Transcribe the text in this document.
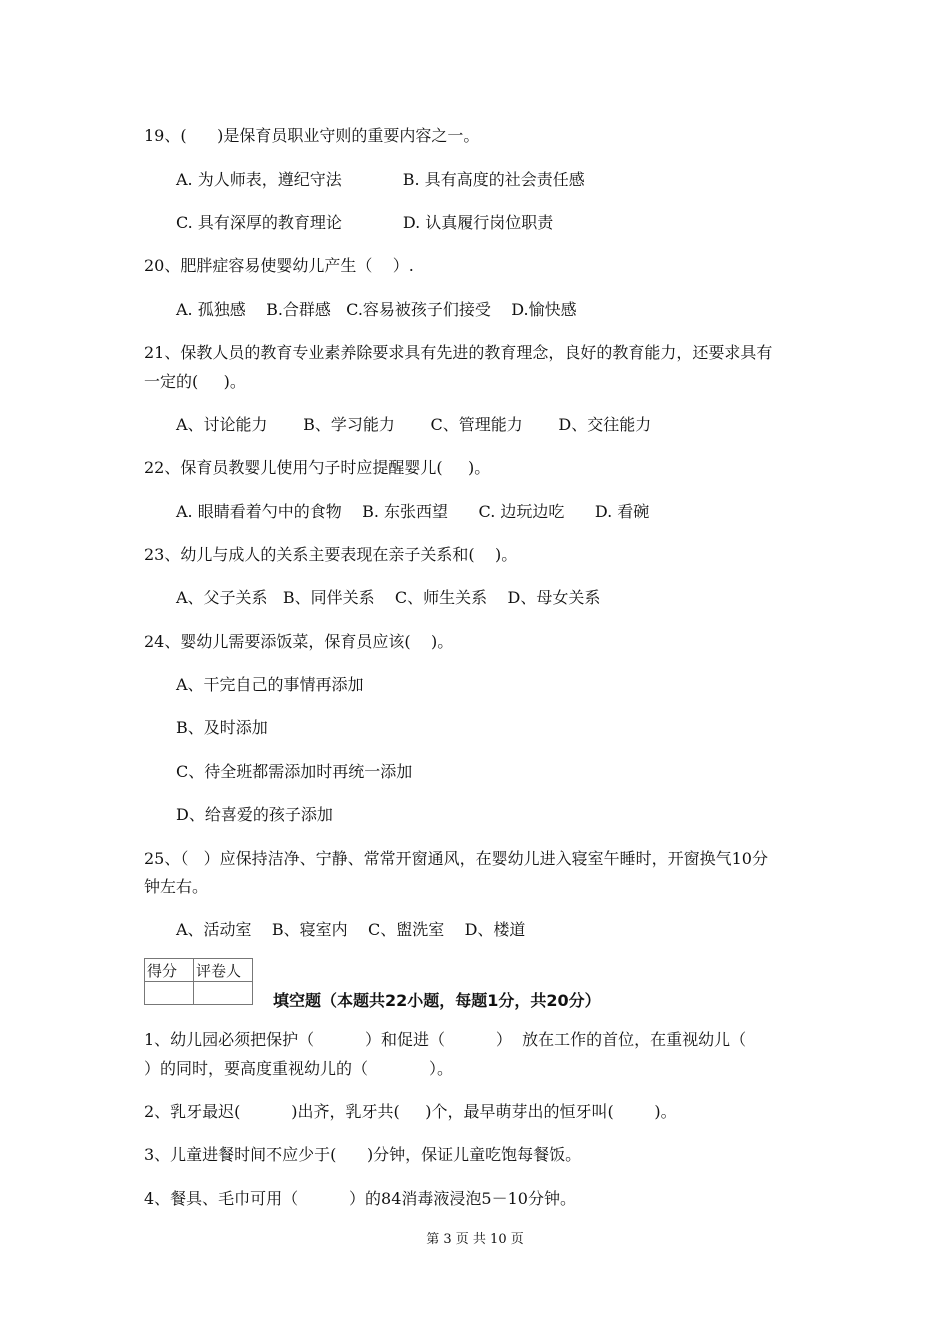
19、(      )是保育员职业守则的重要内容之一。
A. 为人师表，遵纪守法            B. 具有高度的社会责任感
C. 具有深厚的教育理论            D. 认真履行岗位职责
20、肥胖症容易使婴幼儿产生（    ）.
A. 孤独感    B.合群感   C.容易被孩子们接受    D.愉快感
21、保教人员的教育专业素养除要求具有先进的教育理念，良好的教育能力，还要求具有
一定的(     )。
A、讨论能力       B、学习能力       C、管理能力       D、交往能力
22、保育员教婴儿使用勺子时应提醒婴儿(     )。
A. 眼睛看着勺中的食物    B. 东张西望      C. 边玩边吃      D. 看碗
23、幼儿与成人的关系主要表现在亲子关系和(    )。
A、父子关系   B、同伴关系    C、师生关系    D、母女关系
24、婴幼儿需要添饭菜，保育员应该(    )。
A、干完自己的事情再添加
B、及时添加
C、待全班都需添加时再统一添加
D、给喜爱的孩子添加
25、（   ）应保持洁净、宁静、常常开窗通风，在婴幼儿进入寝室午睡时，开窗换气10分
钟左右。
A、活动室    B、寝室内    C、盥洗室    D、楼道
得分	评卷人

填空题（本题共22小题，每题1分，共20分）
1、幼儿园必须把保护（          ）和促进（          ）  放在工作的首位，在重视幼儿（
）的同时，要高度重视幼儿的（            ）。
2、乳牙最迟(          )出齐，乳牙共(     )个，最早萌芽出的恒牙叫(        )。
3、儿童进餐时间不应少于(      )分钟，保证儿童吃饱每餐饭。
4、餐具、毛巾可用（          ）的84消毒液浸泡5－10分钟。
第 3 页 共 10 页
